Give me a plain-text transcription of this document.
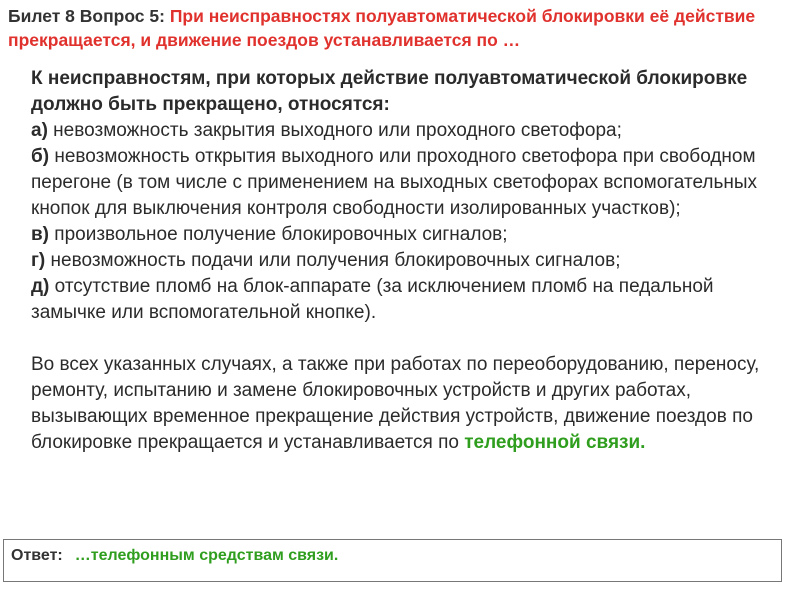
Билет 8 Вопрос 5: При неисправностях полуавтоматической блокировки её действие прекращается, и движение поездов устанавливается по …

К неисправностям, при которых действие полуавтоматической блокировке должно быть прекращено, относятся:

а) невозможность закрытия выходного или проходного светофора;

б) невозможность открытия выходного или проходного светофора при свободном перегоне (в том числе с применением на выходных светофорах вспомогательных кнопок для выключения контроля свободности изолированных участков);

в) произвольное получение блокировочных сигналов;

г) невозможность подачи или получения блокировочных сигналов;

д) отсутствие пломб на блок-аппарате (за исключением пломб на педальной замычке или вспомогательной кнопке).

Во всех указанных случаях, а также при работах по переоборудованию, переносу, ремонту, испытанию и замене блокировочных устройств и других работах, вызывающих временное прекращение действия устройств, движение поездов по блокировке прекращается и устанавливается по телефонной связи.

Ответ: …телефонным средствам связи.
